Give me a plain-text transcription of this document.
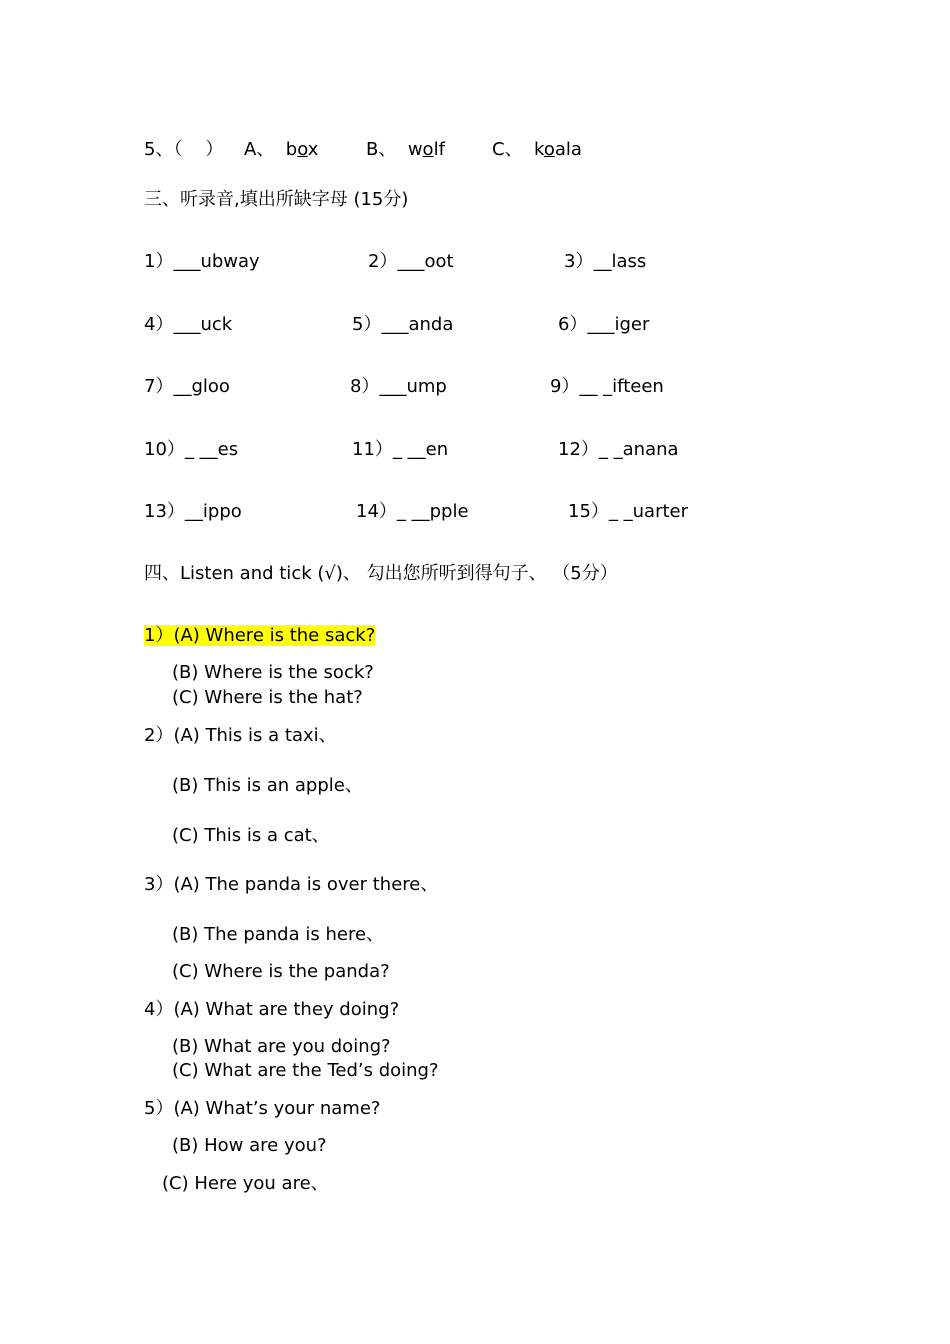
5、（    ） A、 box	B、 wolf	C、 koala
三、听录音,填出所缺字母 (15分)
1）___ubway	2）___oot	3）__lass
4）___uck	5）___anda	6）___iger
7）__gloo	8）___ump	9）__ _ifteen
10）_ __es	11）_ __en	12）_ _anana
13）__ippo	14）_ __pple	15）_ _uarter
四、Listen and tick (√)、 勾出您所听到得句子、 （5分）
1）(A) Where is the sack?
(B) Where is the sock?
(C) Where is the hat?
2）(A) This is a taxi、
(B) This is an apple、
(C) This is a cat、
3）(A) The panda is over there、
(B) The panda is here、
(C) Where is the panda?
4）(A) What are they doing?
(B) What are you doing?
(C) What are the Ted’s doing?
5）(A) What’s your name?
(B) How are you?
(C) Here you are、
